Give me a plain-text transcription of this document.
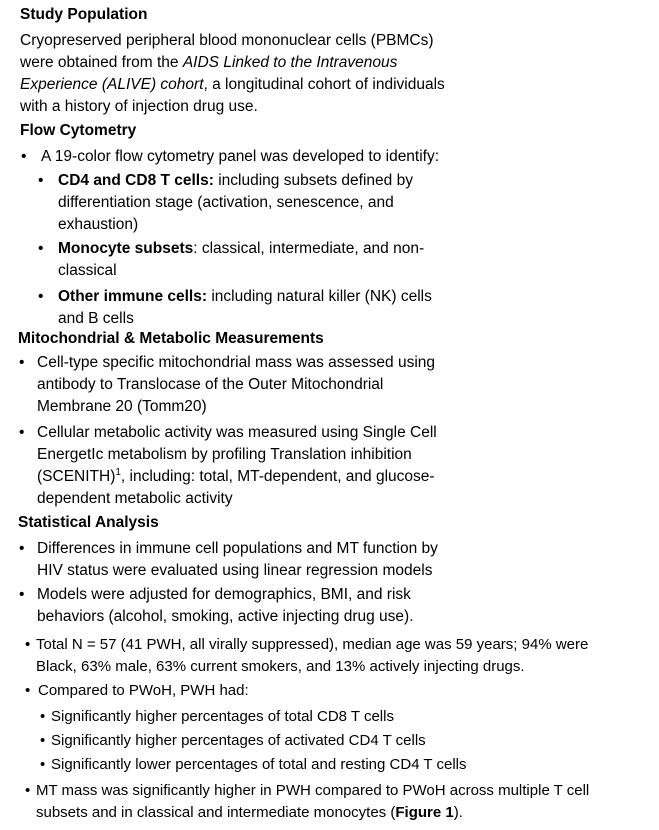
Study Population
Cryopreserved peripheral blood mononuclear cells (PBMCs)
were obtained from the AIDS Linked to the Intravenous
Experience (ALIVE) cohort, a longitudinal cohort of individuals
with a history of injection drug use.
Flow Cytometry
• A 19-color flow cytometry panel was developed to identify:
• CD4 and CD8 T cells: including subsets defined by
differentiation stage (activation, senescence, and
exhaustion)
• Monocyte subsets: classical, intermediate, and non-
classical
• Other immune cells: including natural killer (NK) cells
and B cells
Mitochondrial & Metabolic Measurements
• Cell-type specific mitochondrial mass was assessed using
antibody to Translocase of the Outer Mitochondrial
Membrane 20 (Tomm20)
• Cellular metabolic activity was measured using Single Cell
EnergetIc metabolism by profiling Translation inhibition
(SCENITH)$^1$, including: total, MT-dependent, and glucose-
dependent metabolic activity
Statistical Analysis
• Differences in immune cell populations and MT function by
HIV status were evaluated using linear regression models
• Models were adjusted for demographics, BMI, and risk
behaviors (alcohol, smoking, active injecting drug use).
• Total N = 57 (41 PWH, all virally suppressed), median age was 59 years; 94% were
Black, 63% male, 63% current smokers, and 13% actively injecting drugs.
• Compared to PWoH, PWH had:
• Significantly higher percentages of total CD8 T cells
• Significantly higher percentages of activated CD4 T cells
• Significantly lower percentages of total and resting CD4 T cells
• MT mass was significantly higher in PWH compared to PWoH across multiple T cell
subsets and in classical and intermediate monocytes (Figure 1).
